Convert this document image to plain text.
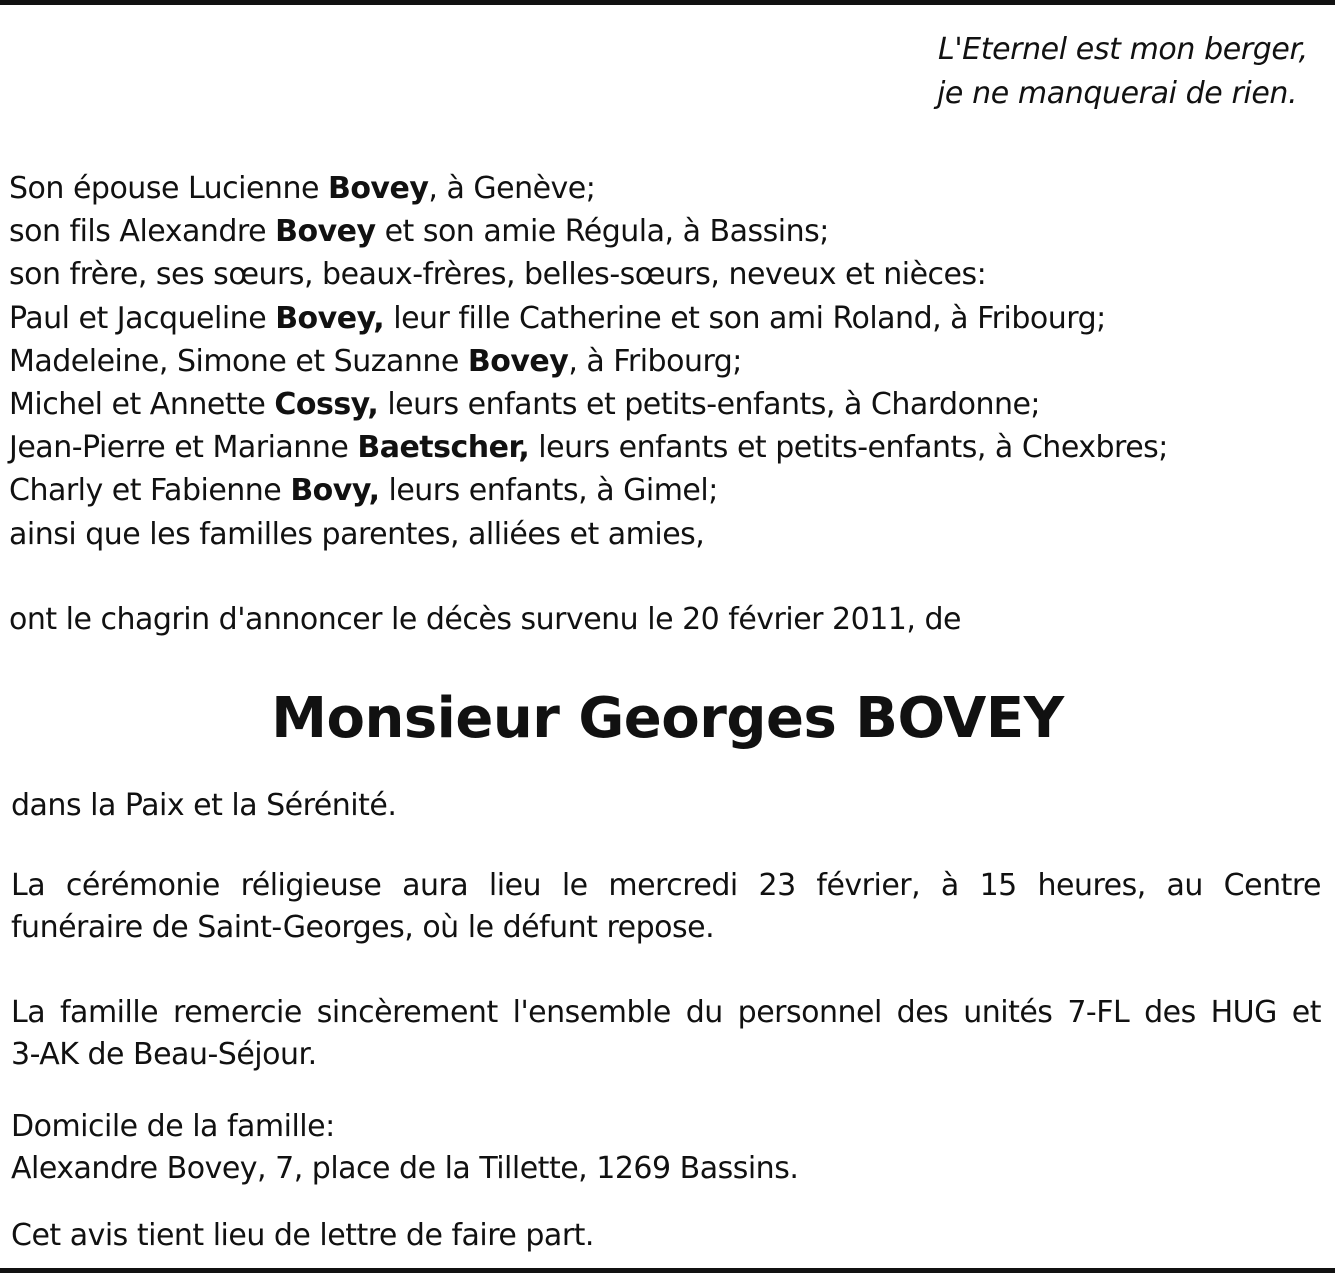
L'Eternel est mon berger,
je ne manquerai de rien.
Son épouse Lucienne Bovey, à Genève;
son fils Alexandre Bovey et son amie Régula, à Bassins;
son frère, ses sœurs, beaux-frères, belles-sœurs, neveux et nièces:
Paul et Jacqueline Bovey, leur fille Catherine et son ami Roland, à Fribourg;
Madeleine, Simone et Suzanne Bovey, à Fribourg;
Michel et Annette Cossy, leurs enfants et petits-enfants, à Chardonne;
Jean-Pierre et Marianne Baetscher, leurs enfants et petits-enfants, à Chexbres;
Charly et Fabienne Bovy, leurs enfants, à Gimel;
ainsi que les familles parentes, alliées et amies,
ont le chagrin d'annoncer le décès survenu le 20 février 2011, de
Monsieur Georges BOVEY
dans la Paix et la Sérénité.
La cérémonie réligieuse aura lieu le mercredi 23 février, à 15 heures, au Centre
funéraire de Saint-Georges, où le défunt repose.
La famille remercie sincèrement l'ensemble du personnel des unités 7-FL des HUG et
3-AK de Beau-Séjour.
Domicile de la famille:
Alexandre Bovey, 7, place de la Tillette, 1269 Bassins.
Cet avis tient lieu de lettre de faire part.
